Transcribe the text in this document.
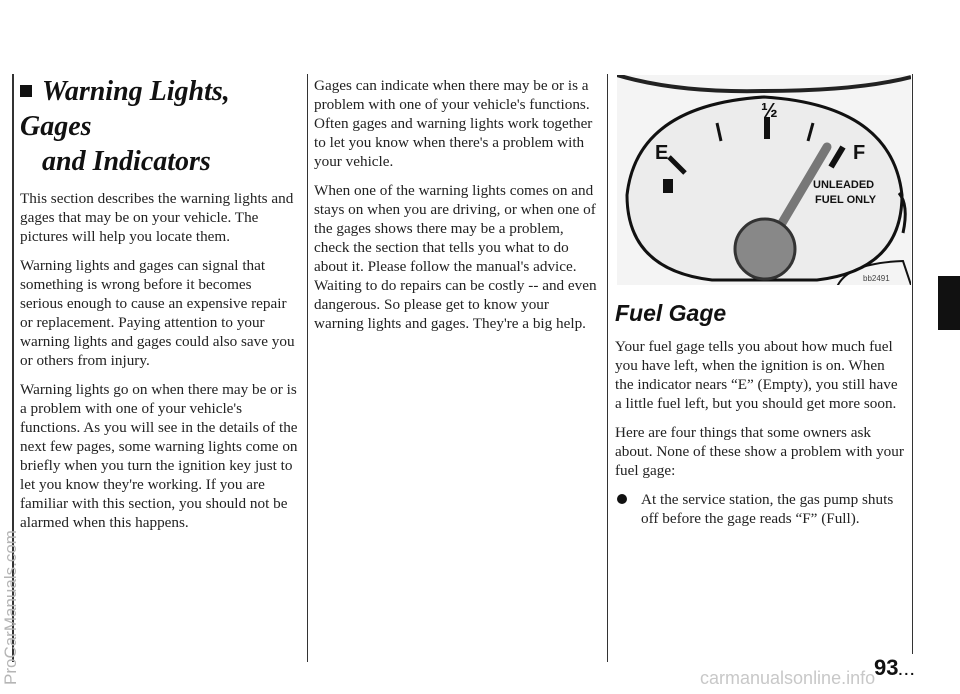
Warning Lights, Gages
and Indicators

This section describes the warning lights and gages that may be on your vehicle. The pictures will help you locate them.

Warning lights and gages can signal that something is wrong before it becomes serious enough to cause an expensive repair or replacement. Paying attention to your warning lights and gages could also save you or others from injury.

Warning lights go on when there may be or is a problem with one of your vehicle's functions. As you will see in the details of the next few pages, some warning lights come on briefly when you turn the ignition key just to let you know they're working. If you are familiar with this section, you should not be alarmed when this happens.

Gages can indicate when there may be or is a problem with one of your vehicle's functions. Often gages and warning lights work together to let you know when there's a problem with your vehicle.

When one of the warning lights comes on and stays on when you are driving, or when one of the gages shows there may be a problem, check the section that tells you what to do about it. Please follow the manual's advice. Waiting to do repairs can be costly -- and even dangerous. So please get to know your warning lights and gages. They're a big help.

½
E	F
UNLEADED
FUEL ONLY
bb2491
Fuel Gage

Your fuel gage tells you about how much fuel you have left, when the ignition is on. When the indicator nears “E” (Empty), you still have a little fuel left, but you should get more soon.

Here are four things that some owners ask about. None of these show a problem with your fuel gage:

At the service station, the gas pump shuts off before the gage reads “F” (Full).
93...
ProCarManuals.com	carmanualsonline.info
